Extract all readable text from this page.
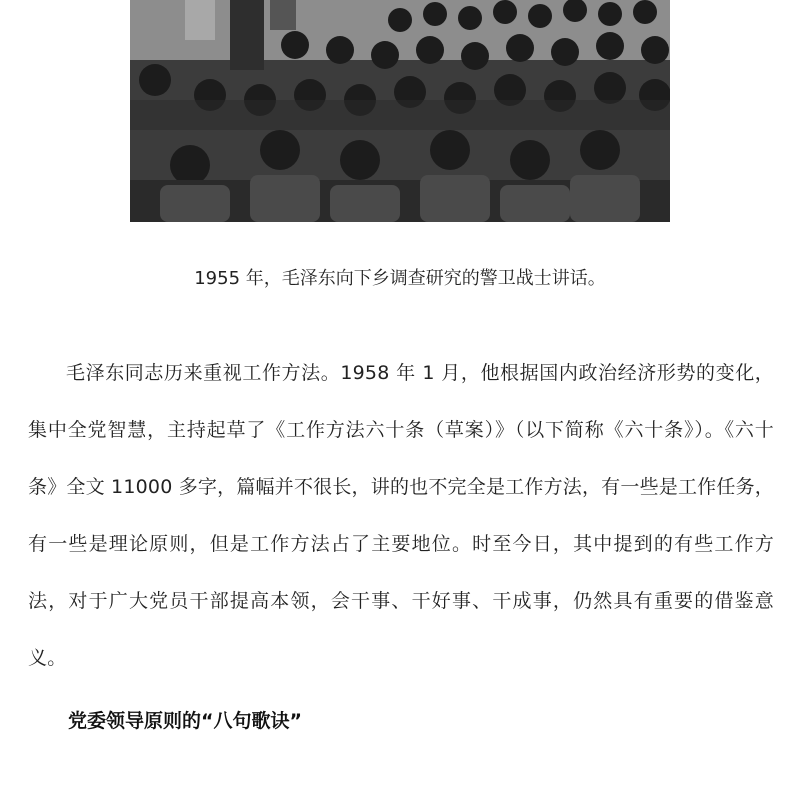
1955 年，毛泽东向下乡调查研究的警卫战士讲话。

毛泽东同志历来重视工作方法。1958 年 1 月，他根据国内政治经济形势的变化，集中全党智慧，主持起草了《工作方法六十条（草案）》（以下简称《六十条》）。《六十条》全文 11000 多字，篇幅并不很长，讲的也不完全是工作方法，有一些是工作任务，有一些是理论原则，但是工作方法占了主要地位。时至今日，其中提到的有些工作方法，对于广大党员干部提高本领，会干事、干好事、干成事，仍然具有重要的借鉴意义。

党委领导原则的“八句歌诀”
